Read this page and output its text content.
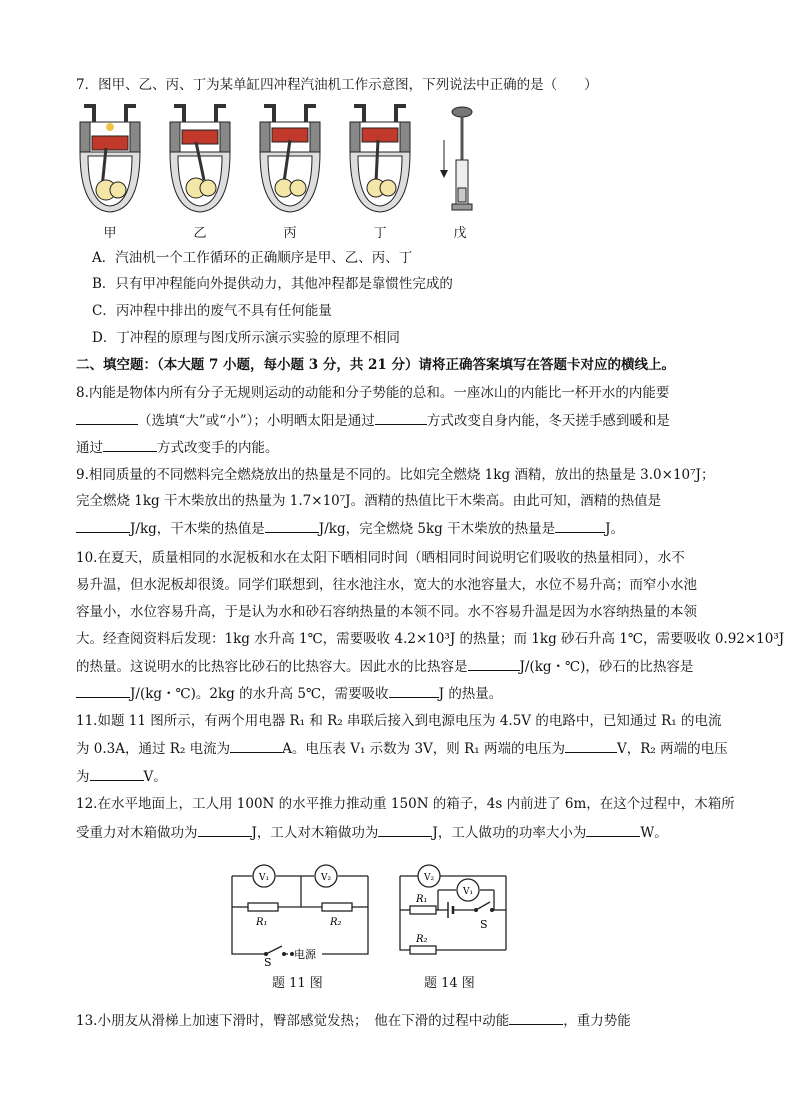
7．图甲、乙、丙、丁为某单缸四冲程汽油机工作示意图，下列说法中正确的是（　　）
甲	乙	丙	丁	戊
A．汽油机一个工作循环的正确顺序是甲、乙、丙、丁
B．只有甲冲程能向外提供动力，其他冲程都是靠惯性完成的
C．丙冲程中排出的废气不具有任何能量
D．丁冲程的原理与图戊所示演示实验的原理不相同
二、填空题：（本大题 7 小题，每小题 3 分，共 21 分）请将正确答案填写在答题卡对应的横线上。
8.内能是物体内所有分子无规则运动的动能和分子势能的总和。一座冰山的内能比一杯开水的内能要
（选填“大”或“小”）；小明晒太阳是通过	方式改变自身内能，冬天搓手感到暖和是
通过	方式改变手的内能。
9.相同质量的不同燃料完全燃烧放出的热量是不同的。比如完全燃烧 1kg 酒精，放出的热量是 3.0×10⁷J；
完全燃烧 1kg 干木柴放出的热量为 1.7×10⁷J。酒精的热值比干木柴高。由此可知，酒精的热值是
J/kg，干木柴的热值是	J/kg，完全燃烧 5kg 干木柴放的热量是	J。
10.在夏天，质量相同的水泥板和水在太阳下晒相同时间（晒相同时间说明它们吸收的热量相同），水不
易升温，但水泥板却很烫。同学们联想到，往水池注水，宽大的水池容量大，水位不易升高；而窄小水池
容量小，水位容易升高，于是认为水和砂石容纳热量的本领不同。水不容易升温是因为水容纳热量的本领
大。经查阅资料后发现：1kg 水升高 1℃，需要吸收 4.2×10³J 的热量；而 1kg 砂石升高 1℃，需要吸收 0.92×10³J
的热量。这说明水的比热容比砂石的比热容大。因此水的比热容是	J/(kg・℃)，砂石的比热容是
J/(kg・℃)。2kg 的水升高 5℃，需要吸收	J 的热量。
11.如题 11 图所示，有两个用电器 R₁ 和 R₂ 串联后接入到电源电压为 4.5V 的电路中，已知通过 R₁ 的电流
为 0.3A，通过 R₂ 电流为	A。电压表 V₁ 示数为 3V，则 R₁ 两端的电压为	V，R₂ 两端的电压
为	V。
12.在水平地面上，工人用 100N 的水平推力推动重 150N 的箱子，4s 内前进了 6m，在这个过程中，木箱所
受重力对木箱做功为	J，工人对木箱做功为	J，工人做功的功率大小为	W。
V₁	V₂
R₁	R₂
S
电源
题 11 图
V₂
V₁
R₁
R₂
S
题 14 图
13.小朋友从滑梯上加速下滑时，臀部感觉发热；　他在下滑的过程中动能	，重力势能
